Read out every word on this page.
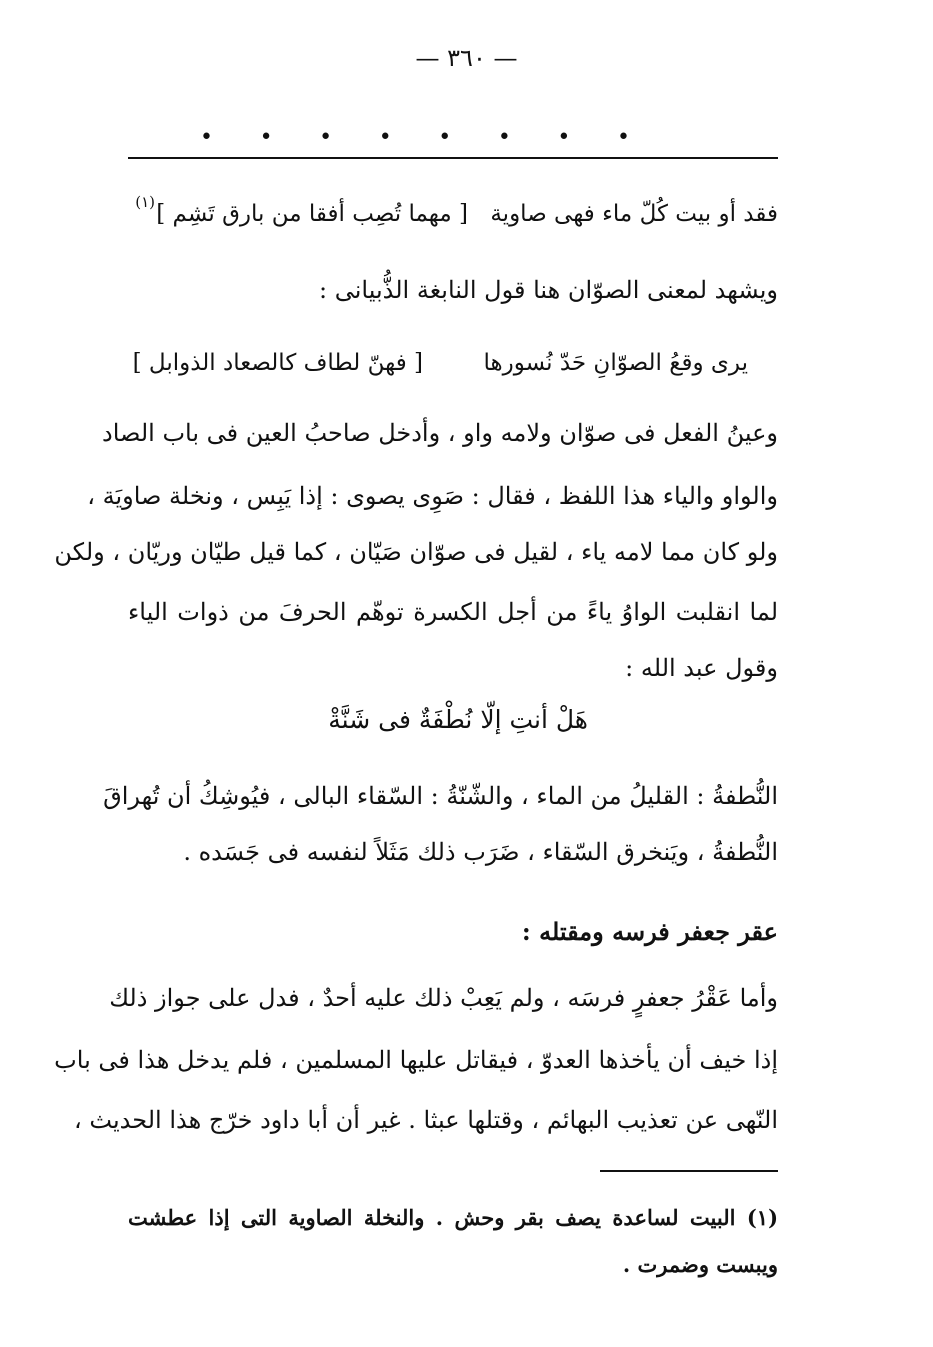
— ٣٦٠ —
• • • • • • • •
فقد أو بيت كُلّ ماء فهى صاوية
[ مهما تُصِب أفقا من بارق تَشِم ]
(١)
ويشهد لمعنى الصوّان هنا قول النابغة الذُّبيانى :
يرى وقعُ الصوّانِ حَدّ نُسورها
[ فهنّ لطاف كالصعاد الذوابل ]
وعينُ الفعل فى صوّان ولامه واو ، وأدخل صاحبُ العين فى باب الصاد
والواو والياء هذا اللفظ ، فقال : صَوِى يصوى : إذا يَبِس ، ونخلة صاويَة ،
ولو كان مما لامه ياء ، لقيل فى صوّان صَيّان ، كما قيل طيّان وريّان ، ولكن
لما انقلبت الواوُ ياءً من أجل الكسرة توهّم الحرفَ من ذوات الياء
وقول عبد الله :
هَلْ أنتِ إلّا نُطْفَةٌ فى شَنَّةْ
النُّطفةُ : القليلُ من الماء ، والشّنّةُ : السّقاء البالى ، فيُوشِكُ أن تُهراقَ
النُّطفةُ ، ويَنخرق السّقاء ، ضَرَب ذلك مَثَلاً لنفسه فى جَسَده .
عقر جعفر فرسه ومقتله :
وأما عَقْرُ جعفرٍ فرسَه ، ولم يَعِبْ ذلك عليه أحدٌ ، فدل على جواز ذلك
إذا خيف أن يأخذها العدوّ ، فيقاتل عليها المسلمين ، فلم يدخل هذا فى باب
النّهى عن تعذيب البهائم ، وقتلها عبثا . غير أن أبا داود خرّج هذا الحديث ،
(١) البيت لساعدة يصف بقر وحش . والنخلة الصاوية التى إذا عطشت
ويبست وضمرت .
